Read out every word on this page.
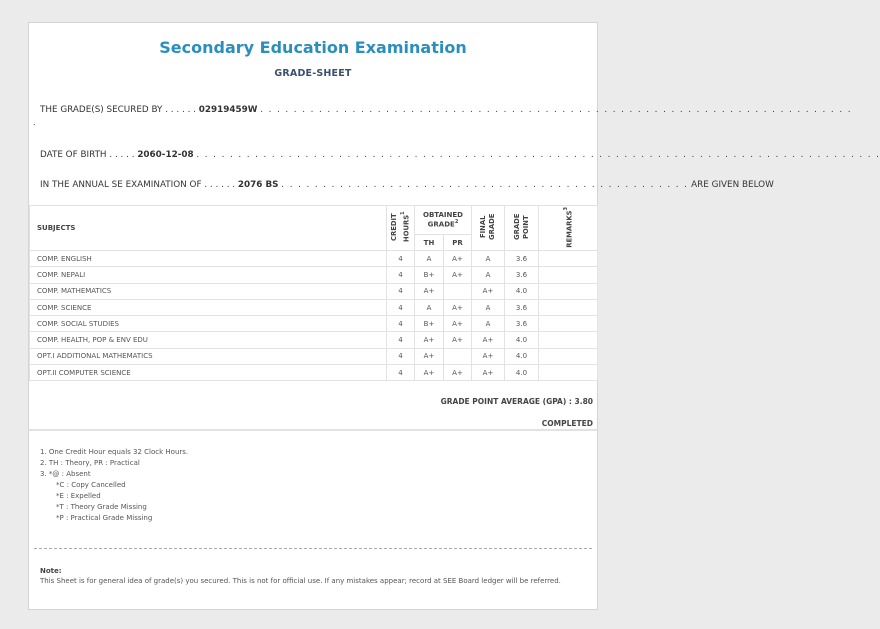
Secondary Education Examination
GRADE-SHEET
THE GRADE(S) SECURED BY . . . . . . 02919459W . . . . . . . . . . . . . . . . . . . . . . . . . . . . . . . . . . . . . . . . . . . . . . . . . . . . . . . . . . . . . . . . . . . . . . .
.
DATE OF BIRTH . . . . . 2060-12-08 . . . . . . . . . . . . . . . . . . . . . . . . . . . . . . . . . . . . . . . . . . . . . . . . . . . . . . . . . . . . . . . . . . . . . . . . . . . . . . . . . .
IN THE ANNUAL SE EXAMINATION OF . . . . . . 2076 BS . . . . . . . . . . . . . . . . . . . . . . . . . . . . . . . . . . . . . . . . . . . . . . . . . ARE GIVEN BELOW
SUBJECTS	CREDIT HOURS$^1$	OBTAINED GRADE$^2$		FINAL GRADE	GRADE POINT	REMARKS$^3$
		TH	PR			
COMP. ENGLISH	4	A	A+	A	3.6	
COMP. NEPALI	4	B+	A+	A	3.6	
COMP. MATHEMATICS	4	A+		A+	4.0	
COMP. SCIENCE	4	A	A+	A	3.6	
COMP. SOCIAL STUDIES	4	B+	A+	A	3.6	
COMP. HEALTH, POP & ENV EDU	4	A+	A+	A+	4.0	
OPT.I ADDITIONAL MATHEMATICS	4	A+		A+	4.0	
OPT.II COMPUTER SCIENCE	4	A+	A+	A+	4.0	
GRADE POINT AVERAGE (GPA) : 3.80
COMPLETED
1. One Credit Hour equals 32 Clock Hours.
2. TH : Theory, PR : Practical
3. *@ : Absent
*C : Copy Cancelled
*E : Expelled
*T : Theory Grade Missing
*P : Practical Grade Missing
Note:
This Sheet is for general idea of grade(s) you secured. This is not for official use. If any mistakes appear; record at SEE Board ledger will be referred.
